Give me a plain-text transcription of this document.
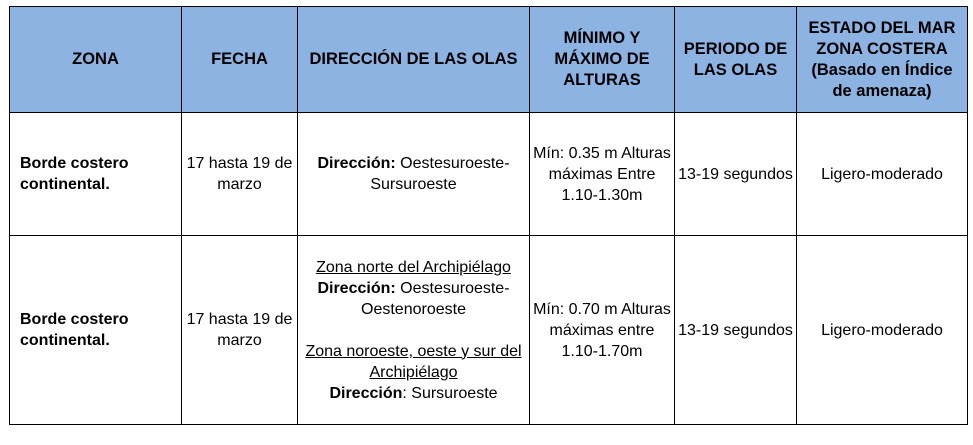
ZONA	FECHA	DIRECCIÓN DE LAS OLAS	MÍNIMO Y MÁXIMO DE ALTURAS	PERIODO DE LAS OLAS	ESTADO DEL MAR ZONA COSTERA (Basado en Índice de amenaza)
Borde costero continental.	17 hasta 19 de marzo	Dirección: Oestesuroeste-Sursuroeste	Mín: 0.35 m Alturas máximas Entre 1.10-1.30m	13-19 segundos	Ligero-moderado
Borde costero continental.	17 hasta 19 de marzo	Zona norte del Archipiélago
Dirección: Oestesuroeste-Oestenoroeste
Zona noroeste, oeste y sur del Archipiélago
Dirección: Sursuroeste	Mín: 0.70 m Alturas máximas entre 1.10-1.70m	13-19 segundos	Ligero-moderado
